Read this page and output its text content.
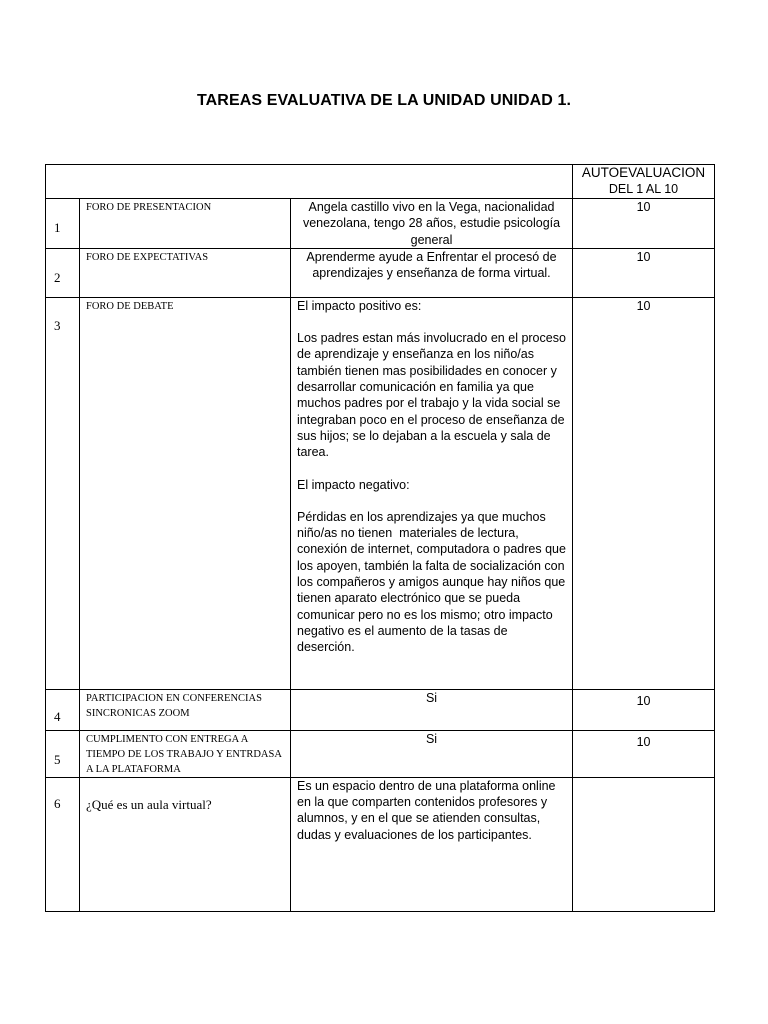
TAREAS EVALUATIVA DE LA UNIDAD UNIDAD 1.

			AUTOEVALUACION
DEL 1 AL 10

1	FORO DE PRESENTACION	Angela castillo vivo en la Vega, nacionalidad venezolana, tengo 28 años, estudie psicología general	10

2	FORO DE EXPECTATIVAS	Aprenderme ayude a Enfrentar el procesó de aprendizajes y enseñanza de forma virtual.	10

3	FORO DE DEBATE	El impacto positivo es:

Los padres estan más involucrado en el proceso de aprendizaje y enseñanza en los niño/as también tienen mas posibilidades en conocer y desarrollar comunicación en familia ya que muchos padres por el trabajo y la vida social se integraban poco en el proceso de enseñanza de sus hijos; se lo dejaban a la escuela y sala de tarea.

El impacto negativo:

Pérdidas en los aprendizajes ya que muchos niño/as no tienen  materiales de lectura, conexión de internet, computadora o padres que los apoyen, también la falta de socialización con los compañeros y amigos aunque hay niños que tienen aparato electrónico que se pueda comunicar pero no es los mismo; otro impacto negativo es el aumento de la tasas de deserción.	10

4	PARTICIPACION EN CONFERENCIAS SINCRONICAS ZOOM	Si	10

5	CUMPLIMENTO CON ENTREGA A TIEMPO DE LOS TRABAJO Y ENTRDASA A LA PLATAFORMA	Si	10

6	¿Qué es un aula virtual?	Es un espacio dentro de una plataforma online en la que comparten contenidos profesores y alumnos, y en el que se atienden consultas, dudas y evaluaciones de los participantes.	
